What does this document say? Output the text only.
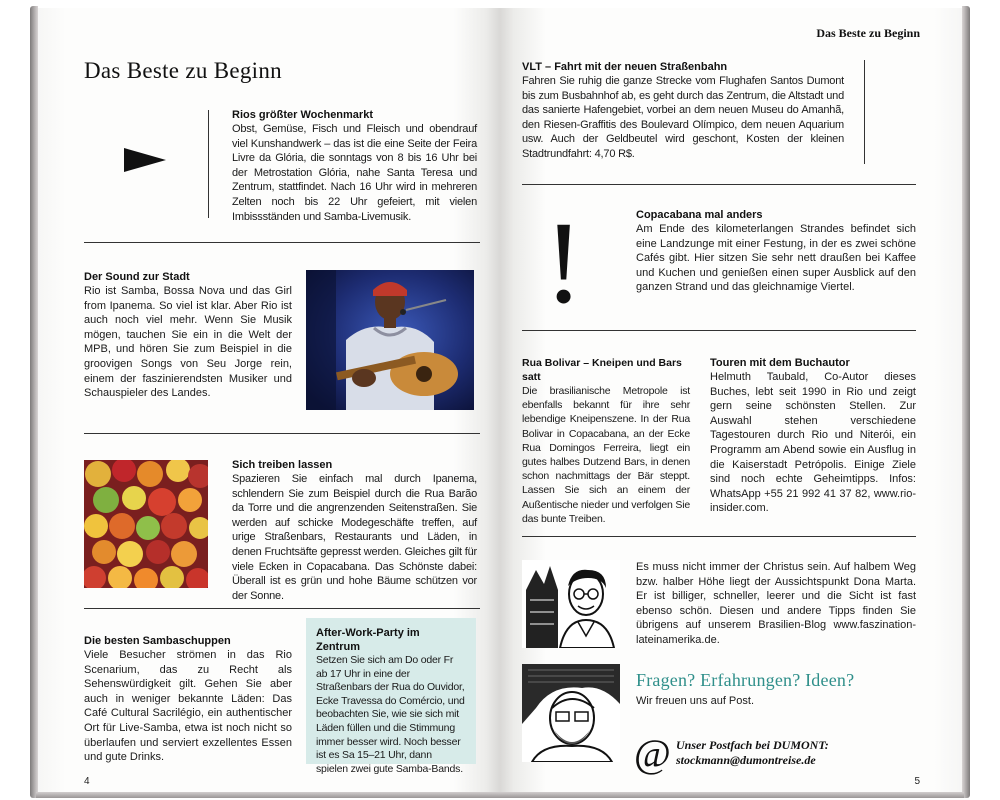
Das Beste zu Beginn
Rios größter Wochenmarkt
Obst, Gemüse, Fisch und Fleisch und obendrauf viel Kunshandwerk – das ist die eine Seite der Feira Livre da Glória, die sonntags von 8 bis 16 Uhr bei der Metrostation Glória, nahe Santa Teresa und Zentrum, stattfindet. Nach 16 Uhr wird in mehreren Zelten noch bis 22 Uhr gefeiert, mit vielen Imbissständen und Samba-Livemusik.
Der Sound zur Stadt
Rio ist Samba, Bossa Nova und das Girl from Ipanema. So viel ist klar. Aber Rio ist auch noch viel mehr. Wenn Sie Musik mögen, tauchen Sie ein in die Welt der MPB, und hören Sie zum Beispiel in die groovigen Songs von Seu Jorge rein, einem der faszinierendsten Musiker und Schauspieler des Landes.
Sich treiben lassen
Spazieren Sie einfach mal durch Ipanema, schlendern Sie zum Beispiel durch die Rua Barão da Torre und die angrenzenden Seitenstraßen. Sie werden auf schicke Modegeschäfte treffen, auf urige Straßenbars, Restaurants und Läden, in denen Fruchtsäfte gepresst werden. Gleiches gilt für viele Ecken in Copacabana. Das Schönste dabei: Überall ist es grün und hohe Bäume schützen vor der Sonne.
Die besten Sambaschuppen
Viele Besucher strömen in das Rio Scenarium, das zu Recht als Sehenswürdigkeit gilt. Gehen Sie aber auch in weniger bekannte Läden: Das Café Cultural Sacrilégio, ein authentischer Ort für Live-Samba, etwa ist noch nicht so überlaufen und serviert exzellentes Essen und gute Drinks.
After-Work-Party im Zentrum
Setzen Sie sich am Do oder Fr ab 17 Uhr in eine der Straßenbars der Rua do Ouvidor, Ecke Travessa do Comércio, und beobachten Sie, wie sie sich mit Läden füllen und die Stimmung immer besser wird. Noch besser ist es Sa 15–21 Uhr, dann spielen zwei gute Samba-Bands.
4
Das Beste zu Beginn
VLT – Fahrt mit der neuen Straßenbahn
Fahren Sie ruhig die ganze Strecke vom Flughafen Santos Dumont bis zum Busbahnhof ab, es geht durch das Zentrum, die Altstadt und das sanierte Hafengebiet, vorbei an dem neuen Museu do Amanhã, den Riesen-Graffitis des Boulevard Olímpico, dem neuen Aquarium usw. Auch der Geldbeutel wird geschont, Kosten der kleinen Stadtrundfahrt: 4,70 R$.
!	Copacabana mal anders
Am Ende des kilometerlangen Strandes befindet sich eine Landzunge mit einer Festung, in der es zwei schöne Cafés gibt. Hier sitzen Sie sehr nett draußen bei Kaffee und Kuchen und genießen einen super Ausblick auf den ganzen Strand und das gleichnamige Viertel.
Rua Bolivar – Kneipen und Bars satt
Die brasilianische Metropole ist ebenfalls bekannt für ihre sehr lebendige Kneipenszene. In der Rua Bolivar in Copacabana, an der Ecke Rua Domingos Ferreira, liegt ein gutes halbes Dutzend Bars, in denen schon nachmittags der Bär steppt. Lassen Sie sich an einem der Außentische nieder und verfolgen Sie das bunte Treiben.
Touren mit dem Buchautor
Helmuth Taubald, Co-Autor dieses Buches, lebt seit 1990 in Rio und zeigt gern seine schönsten Stellen. Zur Auswahl stehen verschiedene Tagestouren durch Rio und Niterói, ein Programm am Abend sowie ein Ausflug in die Kaiserstadt Petrópolis. Einige Ziele sind noch echte Geheimtipps. Infos: WhatsApp +55 21 992 41 37 82, www.rio-insider.com.
Es muss nicht immer der Christus sein. Auf halbem Weg bzw. halber Höhe liegt der Aussichtspunkt Dona Marta. Er ist billiger, schneller, leerer und die Sicht ist fast ebenso schön. Diesen und andere Tipps finden Sie übrigens auf unserem Brasilien-Blog www.faszination-lateinamerika.de.
Fragen? Erfahrungen? Ideen?
Wir freuen uns auf Post.
@ Unser Postfach bei DUMONT:
stockmann@dumontreise.de
5
